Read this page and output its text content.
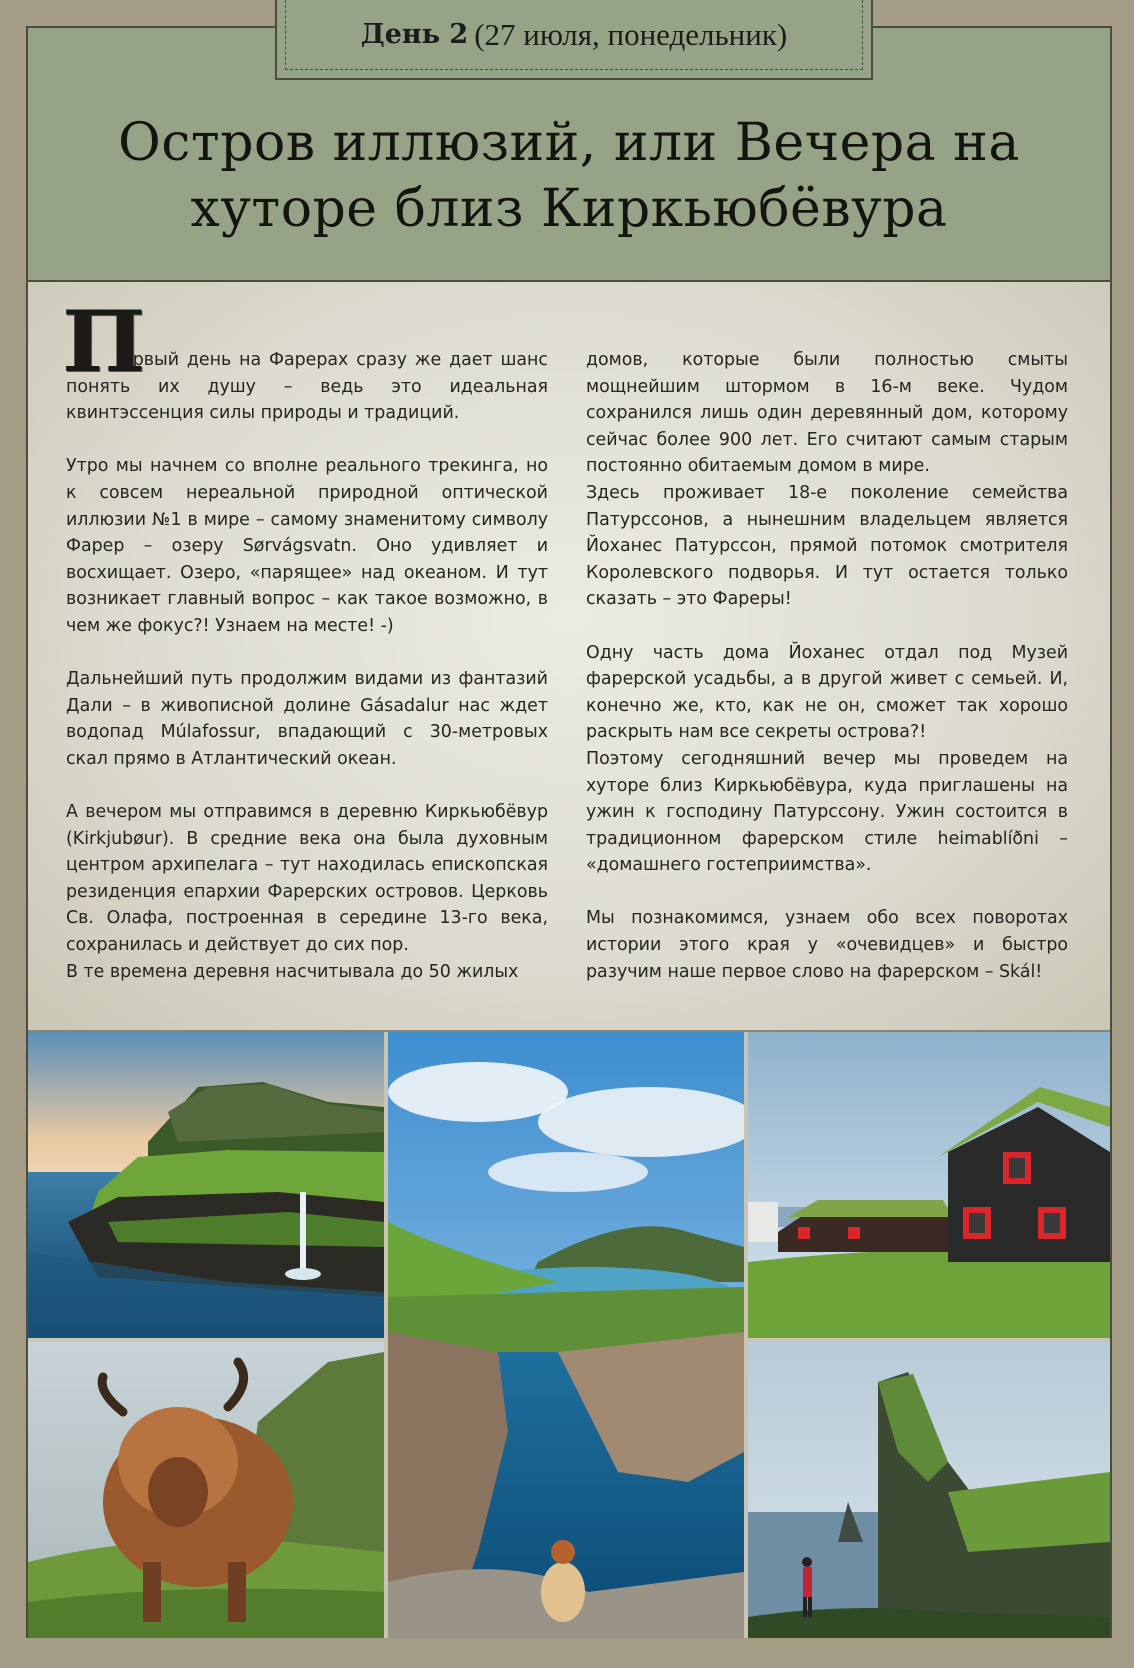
День 2 (27 июля, понедельник)
Остров иллюзий, или Вечера на
хуторе близ Киркьюбёвура
П

ервый день на Фарерах сразу же дает шанс понять их душу – ведь это идеальная квинтэссенция силы природы и традиций.

Утро мы начнем со вполне реального трекинга, но к совсем нереальной природной оптической иллюзии №1 в мире – самому знаменитому символу Фарер – озеру Sørvágsvatn. Оно удивляет и восхищает. Озеро, «парящее» над океаном. И тут возникает главный вопрос – как такое возможно, в чем же фокус?! Узнаем на месте! -)

Дальнейший путь продолжим видами из фантазий Дали – в живописной долине Gásadalur нас ждет водопад Múlafossur, впадающий с 30-метровых скал прямо в Атлантический океан.

А вечером мы отправимся в деревню Киркьюбёвур (Kirkjubøur). В средние века она была духовным центром архипелага – тут находилась епископская резиденция епархии Фарерских островов. Церковь Св. Олафа, построенная в середине 13-го века, сохранилась и действует до сих пор.

В те времена деревня насчитывала до 50 жилых

домов, которые были полностью смыты мощнейшим штормом в 16-м веке. Чудом сохранился лишь один деревянный дом, которому сейчас более 900 лет. Его считают самым старым постоянно обитаемым домом в мире.

Здесь проживает 18-е поколение семейства Патурссонов, а нынешним владельцем является Йоханес Патурссон, прямой потомок смотрителя Королевского подворья. И тут остается только сказать – это Фареры!

Одну часть дома Йоханес отдал под Музей фарерской усадьбы, а в другой живет с семьей. И, конечно же, кто, как не он, сможет так хорошо раскрыть нам все секреты острова?!

Поэтому сегодняшний вечер мы проведем на хуторе близ Киркьюбёвура, куда приглашены на ужин к господину Патурссону. Ужин состоится в традиционном фарерском стиле heimablíðni – «домашнего гостеприимства».

Мы познакомимся, узнаем обо всех поворотах истории этого края у «очевидцев» и быстро разучим наше первое слово на фарерском – Skál!
